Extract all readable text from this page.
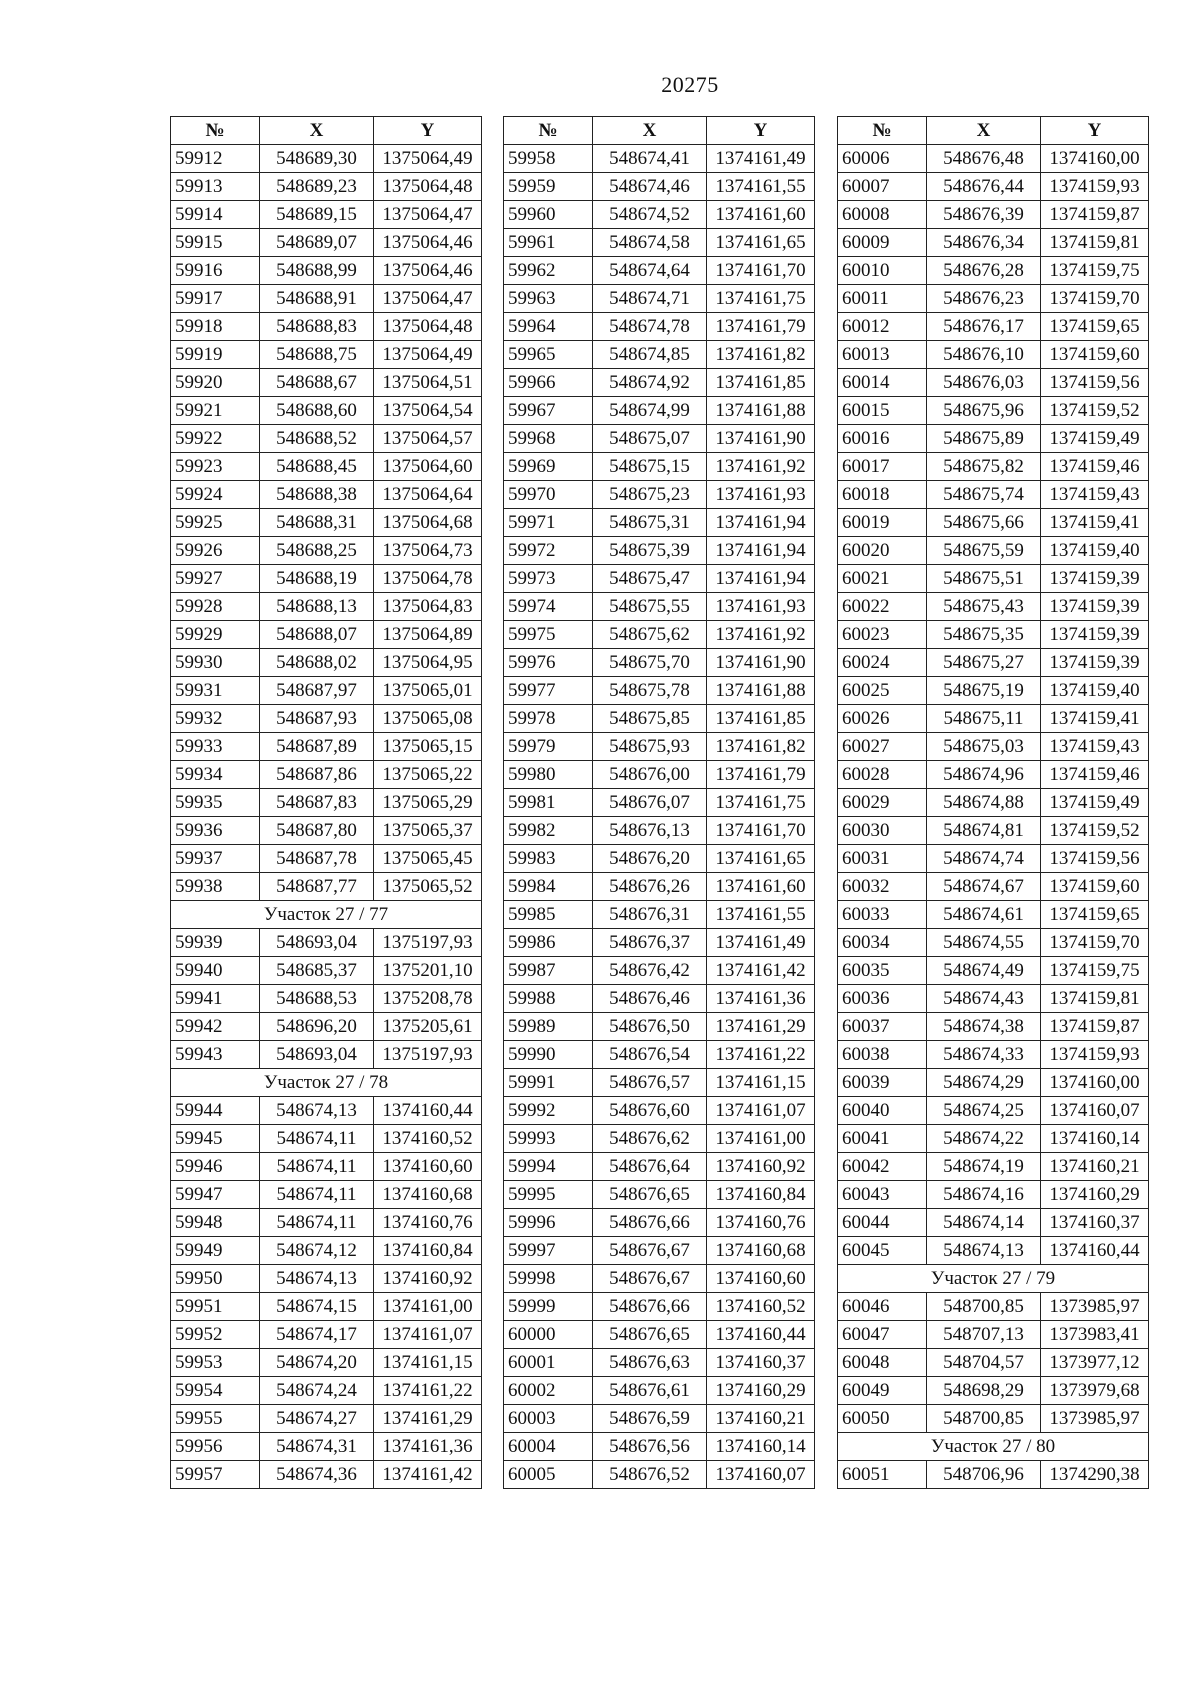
20275
№	X	Y
59912	548689,30	1375064,49
59913	548689,23	1375064,48
59914	548689,15	1375064,47
59915	548689,07	1375064,46
59916	548688,99	1375064,46
59917	548688,91	1375064,47
59918	548688,83	1375064,48
59919	548688,75	1375064,49
59920	548688,67	1375064,51
59921	548688,60	1375064,54
59922	548688,52	1375064,57
59923	548688,45	1375064,60
59924	548688,38	1375064,64
59925	548688,31	1375064,68
59926	548688,25	1375064,73
59927	548688,19	1375064,78
59928	548688,13	1375064,83
59929	548688,07	1375064,89
59930	548688,02	1375064,95
59931	548687,97	1375065,01
59932	548687,93	1375065,08
59933	548687,89	1375065,15
59934	548687,86	1375065,22
59935	548687,83	1375065,29
59936	548687,80	1375065,37
59937	548687,78	1375065,45
59938	548687,77	1375065,52
Участок 27 / 77		
59939	548693,04	1375197,93
59940	548685,37	1375201,10
59941	548688,53	1375208,78
59942	548696,20	1375205,61
59943	548693,04	1375197,93
Участок 27 / 78		
59944	548674,13	1374160,44
59945	548674,11	1374160,52
59946	548674,11	1374160,60
59947	548674,11	1374160,68
59948	548674,11	1374160,76
59949	548674,12	1374160,84
59950	548674,13	1374160,92
59951	548674,15	1374161,00
59952	548674,17	1374161,07
59953	548674,20	1374161,15
59954	548674,24	1374161,22
59955	548674,27	1374161,29
59956	548674,31	1374161,36
59957	548674,36	1374161,42
№	X	Y
59958	548674,41	1374161,49
59959	548674,46	1374161,55
59960	548674,52	1374161,60
59961	548674,58	1374161,65
59962	548674,64	1374161,70
59963	548674,71	1374161,75
59964	548674,78	1374161,79
59965	548674,85	1374161,82
59966	548674,92	1374161,85
59967	548674,99	1374161,88
59968	548675,07	1374161,90
59969	548675,15	1374161,92
59970	548675,23	1374161,93
59971	548675,31	1374161,94
59972	548675,39	1374161,94
59973	548675,47	1374161,94
59974	548675,55	1374161,93
59975	548675,62	1374161,92
59976	548675,70	1374161,90
59977	548675,78	1374161,88
59978	548675,85	1374161,85
59979	548675,93	1374161,82
59980	548676,00	1374161,79
59981	548676,07	1374161,75
59982	548676,13	1374161,70
59983	548676,20	1374161,65
59984	548676,26	1374161,60
59985	548676,31	1374161,55
59986	548676,37	1374161,49
59987	548676,42	1374161,42
59988	548676,46	1374161,36
59989	548676,50	1374161,29
59990	548676,54	1374161,22
59991	548676,57	1374161,15
59992	548676,60	1374161,07
59993	548676,62	1374161,00
59994	548676,64	1374160,92
59995	548676,65	1374160,84
59996	548676,66	1374160,76
59997	548676,67	1374160,68
59998	548676,67	1374160,60
59999	548676,66	1374160,52
60000	548676,65	1374160,44
60001	548676,63	1374160,37
60002	548676,61	1374160,29
60003	548676,59	1374160,21
60004	548676,56	1374160,14
60005	548676,52	1374160,07
№	X	Y
60006	548676,48	1374160,00
60007	548676,44	1374159,93
60008	548676,39	1374159,87
60009	548676,34	1374159,81
60010	548676,28	1374159,75
60011	548676,23	1374159,70
60012	548676,17	1374159,65
60013	548676,10	1374159,60
60014	548676,03	1374159,56
60015	548675,96	1374159,52
60016	548675,89	1374159,49
60017	548675,82	1374159,46
60018	548675,74	1374159,43
60019	548675,66	1374159,41
60020	548675,59	1374159,40
60021	548675,51	1374159,39
60022	548675,43	1374159,39
60023	548675,35	1374159,39
60024	548675,27	1374159,39
60025	548675,19	1374159,40
60026	548675,11	1374159,41
60027	548675,03	1374159,43
60028	548674,96	1374159,46
60029	548674,88	1374159,49
60030	548674,81	1374159,52
60031	548674,74	1374159,56
60032	548674,67	1374159,60
60033	548674,61	1374159,65
60034	548674,55	1374159,70
60035	548674,49	1374159,75
60036	548674,43	1374159,81
60037	548674,38	1374159,87
60038	548674,33	1374159,93
60039	548674,29	1374160,00
60040	548674,25	1374160,07
60041	548674,22	1374160,14
60042	548674,19	1374160,21
60043	548674,16	1374160,29
60044	548674,14	1374160,37
60045	548674,13	1374160,44
Участок 27 / 79		
60046	548700,85	1373985,97
60047	548707,13	1373983,41
60048	548704,57	1373977,12
60049	548698,29	1373979,68
60050	548700,85	1373985,97
Участок 27 / 80		
60051	548706,96	1374290,38
